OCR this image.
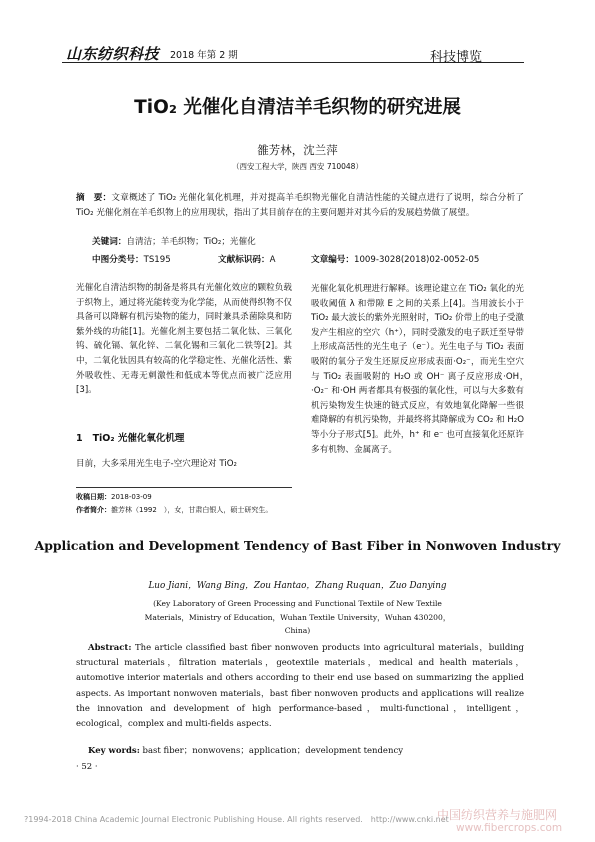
山东纺织科技 2018 年第 2 期	科技博览
TiO₂ 光催化自清洁羊毛织物的研究进展
雒芳林，沈兰萍
（西安工程大学，陕西 西安 710048）
摘　要：文章概述了 TiO₂ 光催化氧化机理，并对提高羊毛织物光催化自清洁性能的关键点进行了说明，综合分析了 TiO₂ 光催化剂在羊毛织物上的应用现状，指出了其目前存在的主要问题并对其今后的发展趋势做了展望。
关键词：自清洁；羊毛织物；TiO₂；光催化
中图分类号：TS195	文献标识码：A	文章编号：1009-3028(2018)02-0052-05
光催化自清洁织物的制备是将具有光催化效应的颗粒负载于织物上，通过将光能转变为化学能，从而使得织物不仅具备可以降解有机污染物的能力，同时兼具杀菌除臭和防紫外线的功能[1]。光催化剂主要包括二氧化钛、三氧化钨、硫化镉、氧化锌、二氧化锡和三氧化二铁等[2]。其中，二氧化钛因具有较高的化学稳定性、光催化活性、紫外吸收性、无毒无刺激性和低成本等优点而被广泛应用[3]。
1 TiO₂ 光催化氧化机理
目前，大多采用光生电子-空穴理论对 TiO₂
收稿日期：2018-03-09
作者简介：雒芳林（1992　），女，甘肃白银人，硕士研究生。
光催化氧化机理进行解释。该理论建立在 TiO₂ 氧化的光吸收阈值 λ 和带隙 E 之间的关系上[4]。当用波长小于 TiO₂ 最大波长的紫外光照射时，TiO₂ 价带上的电子受激发产生相应的空穴（h⁺），同时受激发的电子跃迁至导带上形成高活性的光生电子（e⁻）。光生电子与 TiO₂ 表面吸附的氧分子发生还原反应形成表面·O₂⁻，而光生空穴与 TiO₂ 表面吸附的 H₂O 或 OH⁻ 离子反应形成·OH，·O₂⁻ 和·OH 两者都具有极强的氧化性，可以与大多数有机污染物发生快速的链式反应，有效地氧化降解一些很难降解的有机污染物，并最终将其降解成为 CO₂ 和 H₂O 等小分子形式[5]。此外，h⁺ 和 e⁻ 也可直接氧化还原许多有机物、金属离子。
Application and Development Tendency of Bast Fiber in Nonwoven Industry
Luo Jiani，Wang Bing，Zou Hantao，Zhang Ruquan，Zuo Danying
(Key Laboratory of Green Processing and Functional Textile of New Textile Materials，Ministry of Education，Wuhan Textile University，Wuhan 430200，China)
Abstract: The article classified bast fiber nonwoven products into agricultural materials，building structural materials，filtration materials，geotextile materials，medical and health materials，automotive interior materials and others according to their end use based on summarizing the applied aspects. As important nonwoven materials，bast fiber nonwoven products and applications will realize the innovation and development of high performance-based，multi-functional，intelligent，ecological，complex and multi-fields aspects.
Key words: bast fiber；nonwovens；application；development tendency
· 52 ·
?1994-2018 China Academic Journal Electronic Publishing House. All rights reserved.　http://www.cnki.net
中国纺织营养与施肥网
www.fibercrops.com
